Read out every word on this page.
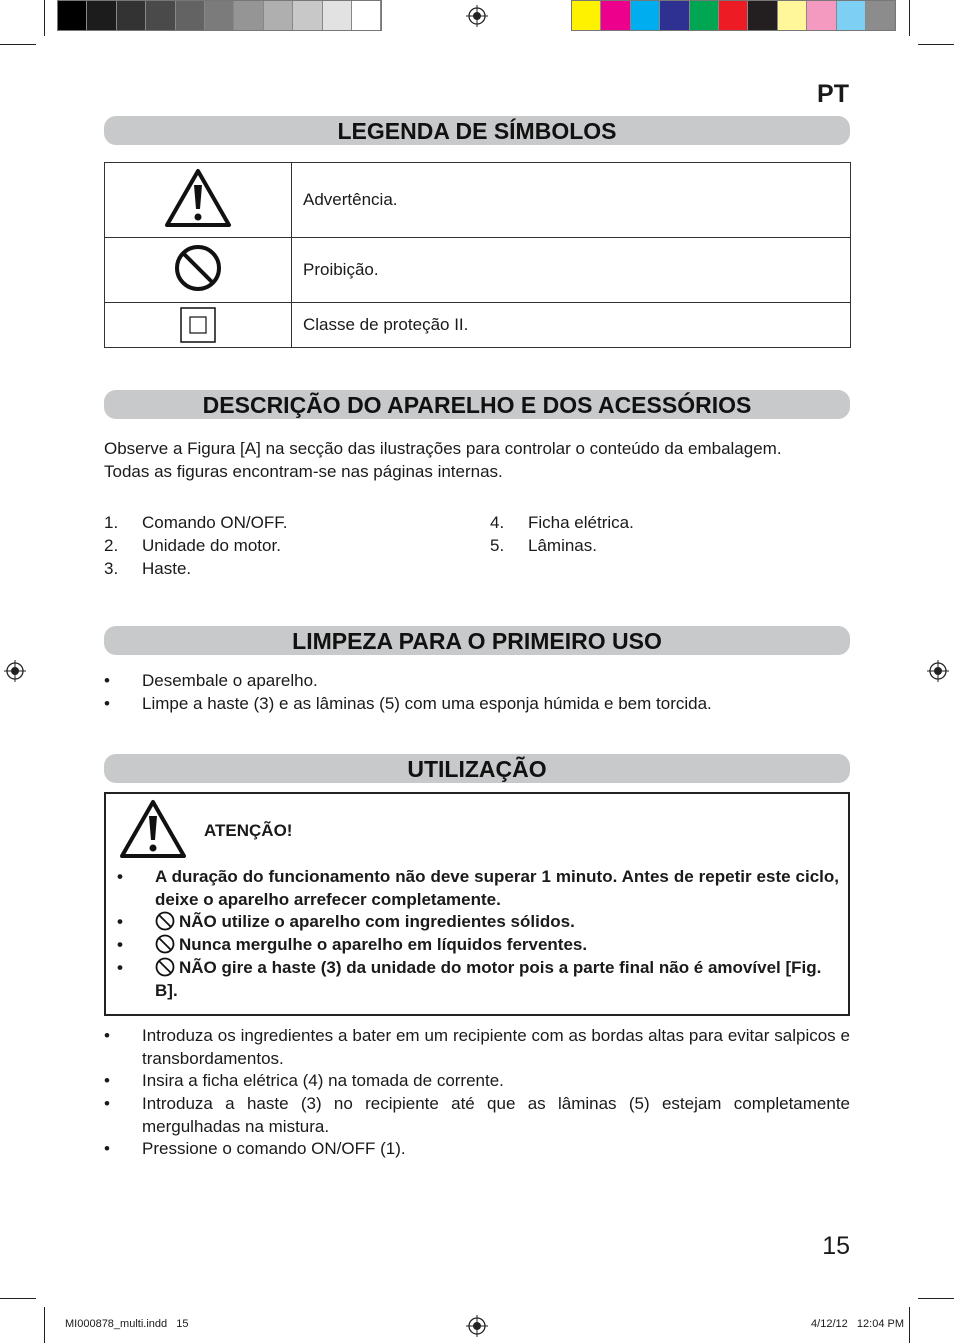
PT
LEGENDA DE SÍMBOLOS
	Advertência.
	Proibição.
	Classe de proteção II.
DESCRIÇÃO DO APARELHO E DOS ACESSÓRIOS
Observe a Figura [A] na secção das ilustrações para controlar o conteúdo da embalagem.
Todas as figuras encontram-se nas páginas internas.
1. Comando ON/OFF.
2. Unidade do motor.
3. Haste.
4. Ficha elétrica.
5. Lâminas.
LIMPEZA PARA O PRIMEIRO USO
• Desembale o aparelho.
• Limpe a haste (3) e as lâminas (5) com uma esponja húmida e bem torcida.
UTILIZAÇÃO
ATENÇÃO!
• A duração do funcionamento não deve superar 1 minuto. Antes de repetir este ciclo, deixe o aparelho arrefecer completamente.
•	NÃO utilize o aparelho com ingredientes sólidos.
•	Nunca mergulhe o aparelho em líquidos ferventes.
•	NÃO gire a haste (3) da unidade do motor pois a parte final não é amovível [Fig. B].
• Introduza os ingredientes a bater em um recipiente com as bordas altas para evitar salpicos e transbordamentos.
• Insira a ficha elétrica (4) na tomada de corrente.
• Introduza a haste (3) no recipiente até que as lâminas (5) estejam completamente mergulhadas na mistura.
• Pressione o comando ON/OFF (1).
15
MI000878_multi.indd   15	4/12/12   12:04 PM
